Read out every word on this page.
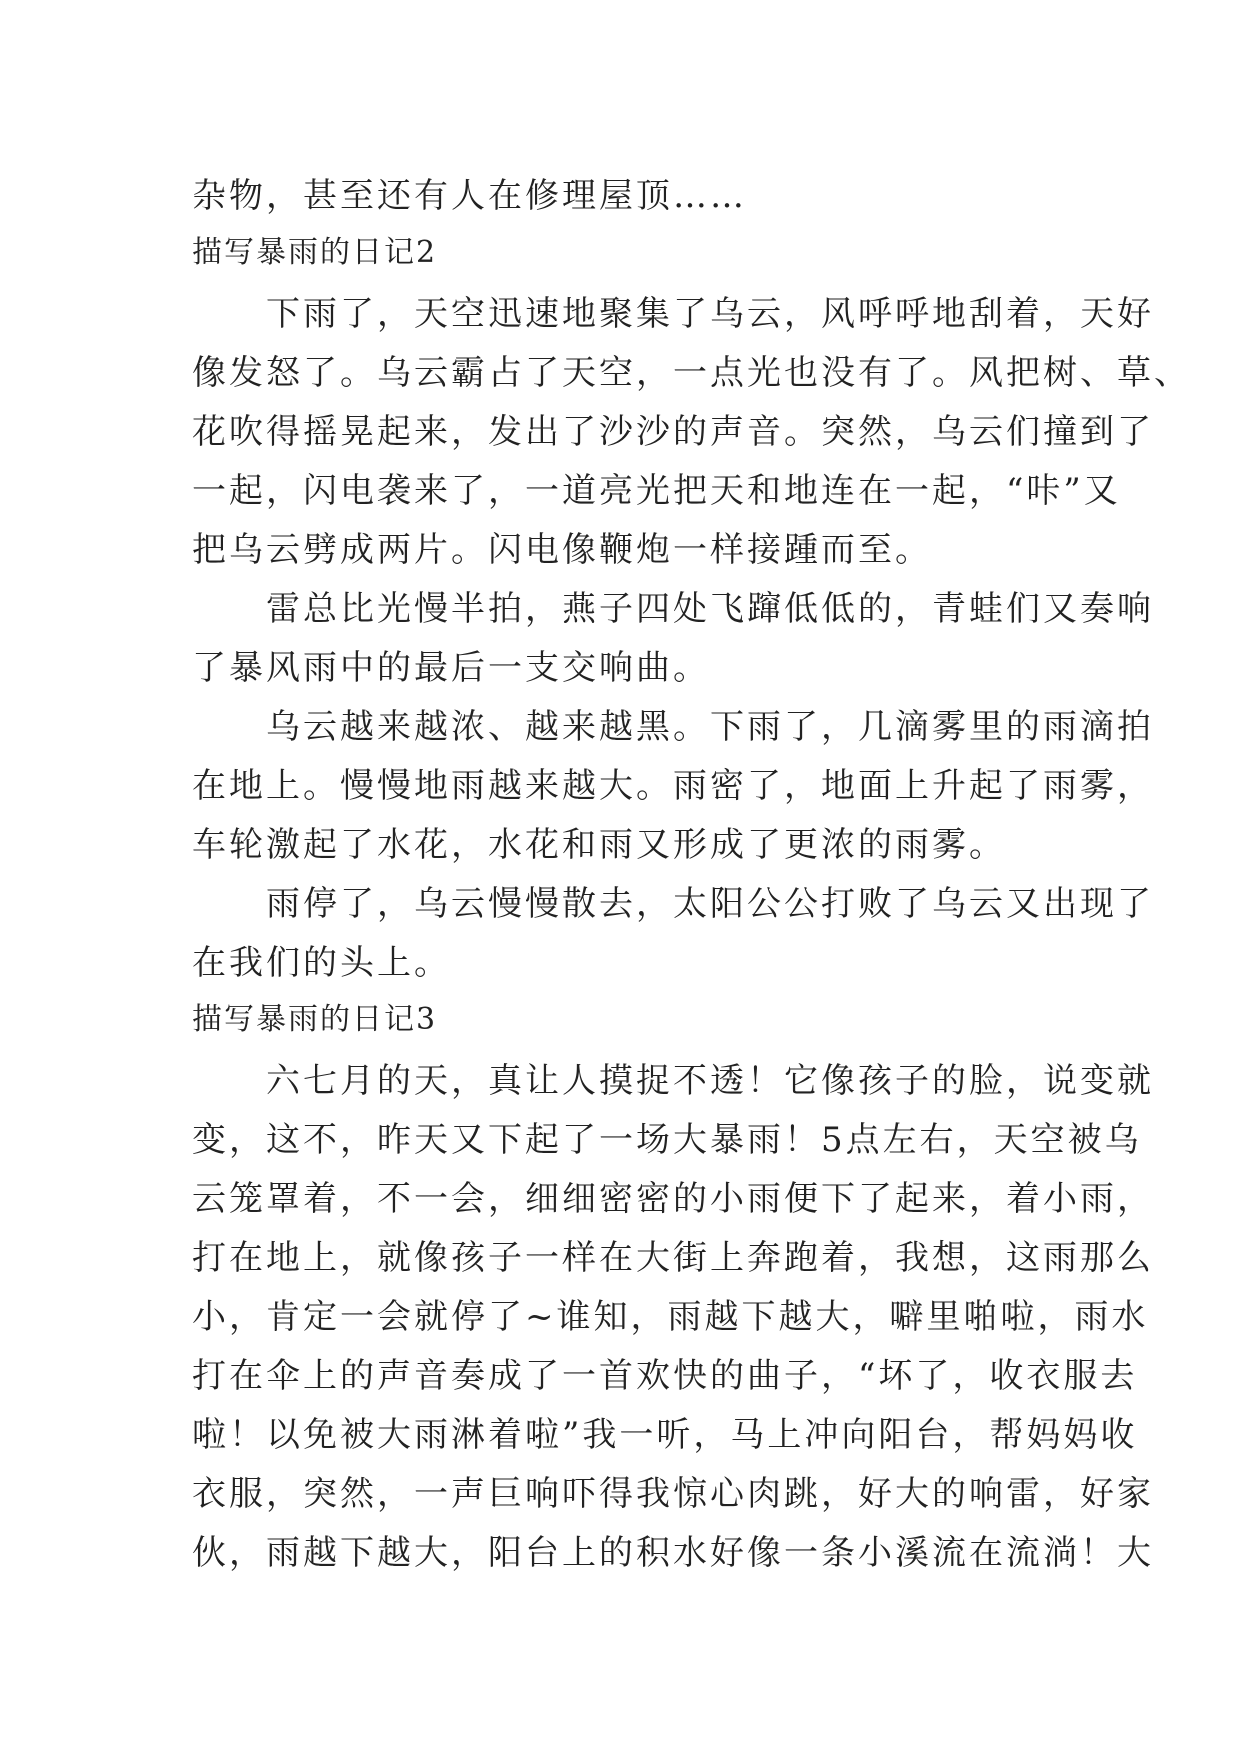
杂物，甚至还有人在修理屋顶……
描写暴雨的日记2
　　下雨了，天空迅速地聚集了乌云，风呼呼地刮着，天好
像发怒了。乌云霸占了天空，一点光也没有了。风把树、草、
花吹得摇晃起来，发出了沙沙的声音。突然，乌云们撞到了
一起，闪电袭来了，一道亮光把天和地连在一起，“咔”又
把乌云劈成两片。闪电像鞭炮一样接踵而至。
　　雷总比光慢半拍，燕子四处飞蹿低低的，青蛙们又奏响
了暴风雨中的最后一支交响曲。
　　乌云越来越浓、越来越黑。下雨了，几滴雾里的雨滴拍
在地上。慢慢地雨越来越大。雨密了，地面上升起了雨雾，
车轮激起了水花，水花和雨又形成了更浓的雨雾。
　　雨停了，乌云慢慢散去，太阳公公打败了乌云又出现了
在我们的头上。
描写暴雨的日记3
　　六七月的天，真让人摸捉不透！它像孩子的脸，说变就
变，这不，昨天又下起了一场大暴雨！5点左右，天空被乌
云笼罩着，不一会，细细密密的小雨便下了起来，着小雨，
打在地上，就像孩子一样在大街上奔跑着，我想，这雨那么
小，肯定一会就停了~谁知，雨越下越大，噼里啪啦，雨水
打在伞上的声音奏成了一首欢快的曲子，“坏了，收衣服去
啦！以免被大雨淋着啦”我一听，马上冲向阳台，帮妈妈收
衣服，突然，一声巨响吓得我惊心肉跳，好大的响雷，好家
伙，雨越下越大，阳台上的积水好像一条小溪流在流淌！大
